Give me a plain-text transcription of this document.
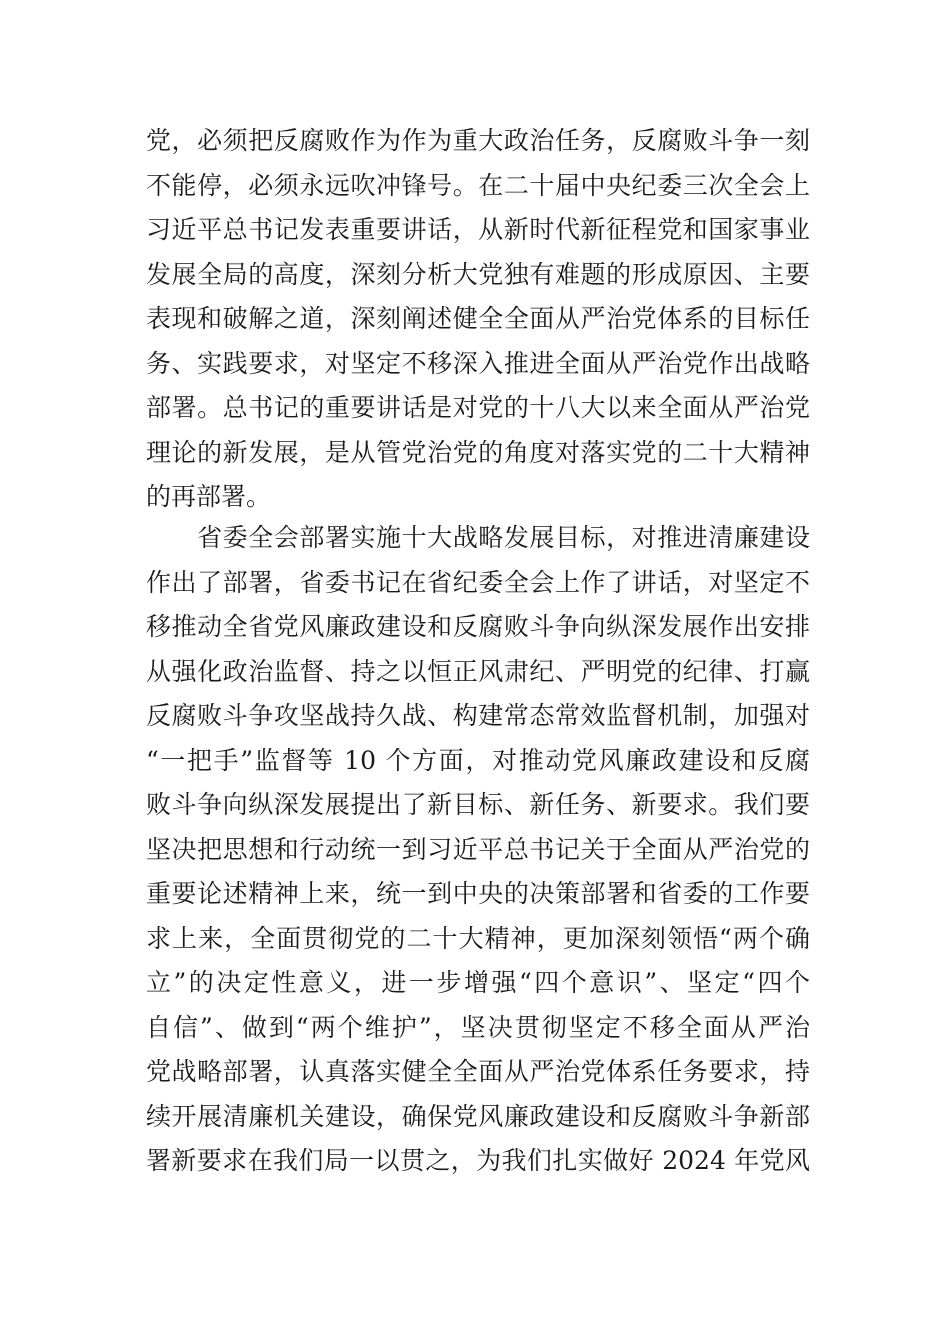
党，必须把反腐败作为作为重大政治任务，反腐败斗争一刻
不能停，必须永远吹冲锋号。在二十届中央纪委三次全会上
习近平总书记发表重要讲话，从新时代新征程党和国家事业
发展全局的高度，深刻分析大党独有难题的形成原因、主要
表现和破解之道，深刻阐述健全全面从严治党体系的目标任
务、实践要求，对坚定不移深入推进全面从严治党作出战略
部署。总书记的重要讲话是对党的十八大以来全面从严治党
理论的新发展，是从管党治党的角度对落实党的二十大精神
的再部署。
　　省委全会部署实施十大战略发展目标，对推进清廉建设
作出了部署，省委书记在省纪委全会上作了讲话，对坚定不
移推动全省党风廉政建设和反腐败斗争向纵深发展作出安排
从强化政治监督、持之以恒正风肃纪、严明党的纪律、打赢
反腐败斗争攻坚战持久战、构建常态常效监督机制，加强对
“一把手”监督等 10 个方面，对推动党风廉政建设和反腐
败斗争向纵深发展提出了新目标、新任务、新要求。我们要
坚决把思想和行动统一到习近平总书记关于全面从严治党的
重要论述精神上来，统一到中央的决策部署和省委的工作要
求上来，全面贯彻党的二十大精神，更加深刻领悟“两个确
立”的决定性意义，进一步增强“四个意识”、坚定“四个
自信”、做到“两个维护”，坚决贯彻坚定不移全面从严治
党战略部署，认真落实健全全面从严治党体系任务要求，持
续开展清廉机关建设，确保党风廉政建设和反腐败斗争新部
署新要求在我们局一以贯之，为我们扎实做好 2024 年党风
